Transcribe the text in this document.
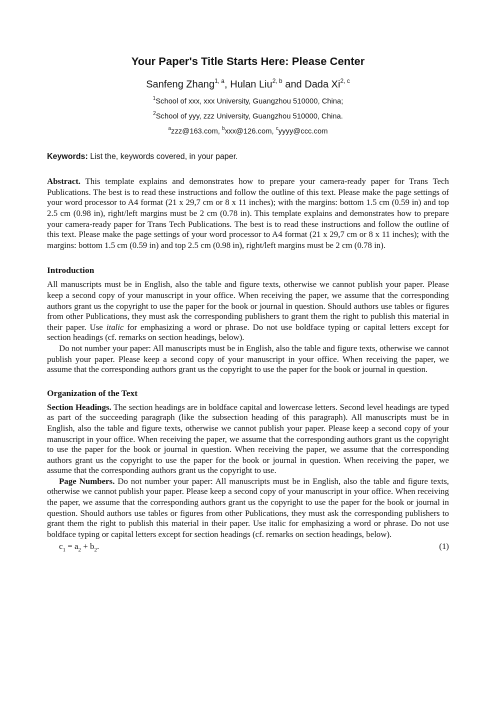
Your Paper's Title Starts Here: Please Center
Sanfeng Zhang$^{1, a}$, Hulan Liu$^{2, b}$ and Dada Xi$^{2, c}$
$^1$School of xxx, xxx University, Guangzhou 510000, China;
$^2$School of yyy, zzz University, Guangzhou 510000, China.
$^a$zzz@163.com, $^b$xxx@126.com, $^c$yyyy@ccc.com
Keywords: List the, keywords covered, in your paper.

Abstract. This template explains and demonstrates how to prepare your camera-ready paper for Trans Tech Publications. The best is to read these instructions and follow the outline of this text. Please make the page settings of your word processor to A4 format (21 x 29,7 cm or 8 x 11 inches); with the margins: bottom 1.5 cm (0.59 in) and top 2.5 cm (0.98 in), right/left margins must be 2 cm (0.78 in). This template explains and demonstrates how to prepare your camera-ready paper for Trans Tech Publications. The best is to read these instructions and follow the outline of this text. Please make the page settings of your word processor to A4 format (21 x 29,7 cm or 8 x 11 inches); with the margins: bottom 1.5 cm (0.59 in) and top 2.5 cm (0.98 in), right/left margins must be 2 cm (0.78 in).

Introduction

All manuscripts must be in English, also the table and figure texts, otherwise we cannot publish your paper. Please keep a second copy of your manuscript in your office. When receiving the paper, we assume that the corresponding authors grant us the copyright to use the paper for the book or journal in question. Should authors use tables or figures from other Publications, they must ask the corresponding publishers to grant them the right to publish this material in their paper. Use italic for emphasizing a word or phrase. Do not use boldface typing or capital letters except for section headings (cf. remarks on section headings, below).

Do not number your paper: All manuscripts must be in English, also the table and figure texts, otherwise we cannot publish your paper. Please keep a second copy of your manuscript in your office. When receiving the paper, we assume that the corresponding authors grant us the copyright to use the paper for the book or journal in question.

Organization of the Text

Section Headings. The section headings are in boldface capital and lowercase letters. Second level headings are typed as part of the succeeding paragraph (like the subsection heading of this paragraph). All manuscripts must be in English, also the table and figure texts, otherwise we cannot publish your paper. Please keep a second copy of your manuscript in your office. When receiving the paper, we assume that the corresponding authors grant us the copyright to use the paper for the book or journal in question. When receiving the paper, we assume that the corresponding authors grant us the copyright to use the paper for the book or journal in question. When receiving the paper, we assume that the corresponding authors grant us the copyright to use.

Page Numbers. Do not number your paper: All manuscripts must be in English, also the table and figure texts, otherwise we cannot publish your paper. Please keep a second copy of your manuscript in your office. When receiving the paper, we assume that the corresponding authors grant us the copyright to use the paper for the book or journal in question. Should authors use tables or figures from other Publications, they must ask the corresponding publishers to grant them the right to publish this material in their paper. Use italic for emphasizing a word or phrase. Do not use boldface typing or capital letters except for section headings (cf. remarks on section headings, below).

$c_1 = a_2 + b_2$.	(1)
